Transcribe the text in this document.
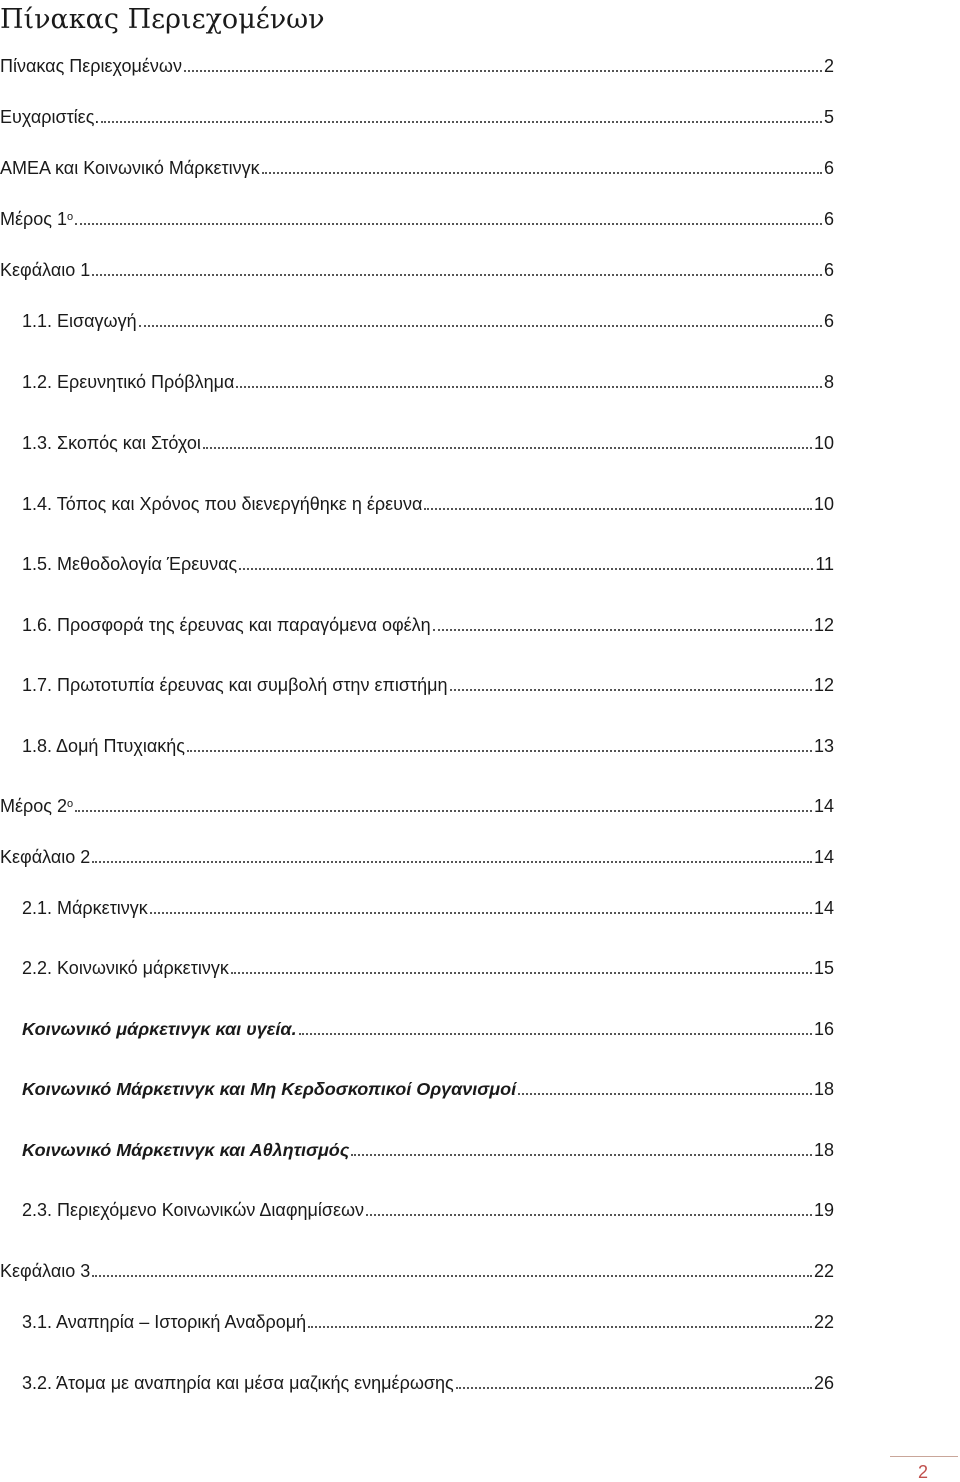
Πίνακας Περιεχομένων
Πίνακας Περιεχομένων	2
Ευχαριστίες.	5
ΑΜΕΑ και Κοινωνικό Μάρκετινγκ	6
Μέρος 1 ο	6
Κεφάλαιο 1	6
1.1. Εισαγωγή	6
1.2. Ερευνητικό Πρόβλημα	8
1.3. Σκοπός και Στόχοι	10
1.4. Τόπος και Χρόνος που διενεργήθηκε η έρευνα	10
1.5. Μεθοδολογία Έρευνας	11
1.6. Προσφορά της έρευνας και παραγόμενα οφέλη	12
1.7. Πρωτοτυπία έρευνας και συμβολή στην επιστήμη	12
1.8. Δομή Πτυχιακής	13
Μέρος 2 ο	14
Κεφάλαιο 2	14
2.1. Μάρκετινγκ	14
2.2. Κοινωνικό μάρκετινγκ	15
Κοινωνικό μάρκετινγκ και υγεία.	16
Κοινωνικό Μάρκετινγκ και Μη Κερδοσκοπικοί Οργανισμοί	18
Κοινωνικό Μάρκετινγκ και Αθλητισμός	18
2.3. Περιεχόμενο Κοινωνικών Διαφημίσεων	19
Κεφάλαιο 3	22
3.1. Αναπηρία – Ιστορική Αναδρομή	22
3.2. Άτομα με αναπηρία και μέσα μαζικής ενημέρωσης	26
2
